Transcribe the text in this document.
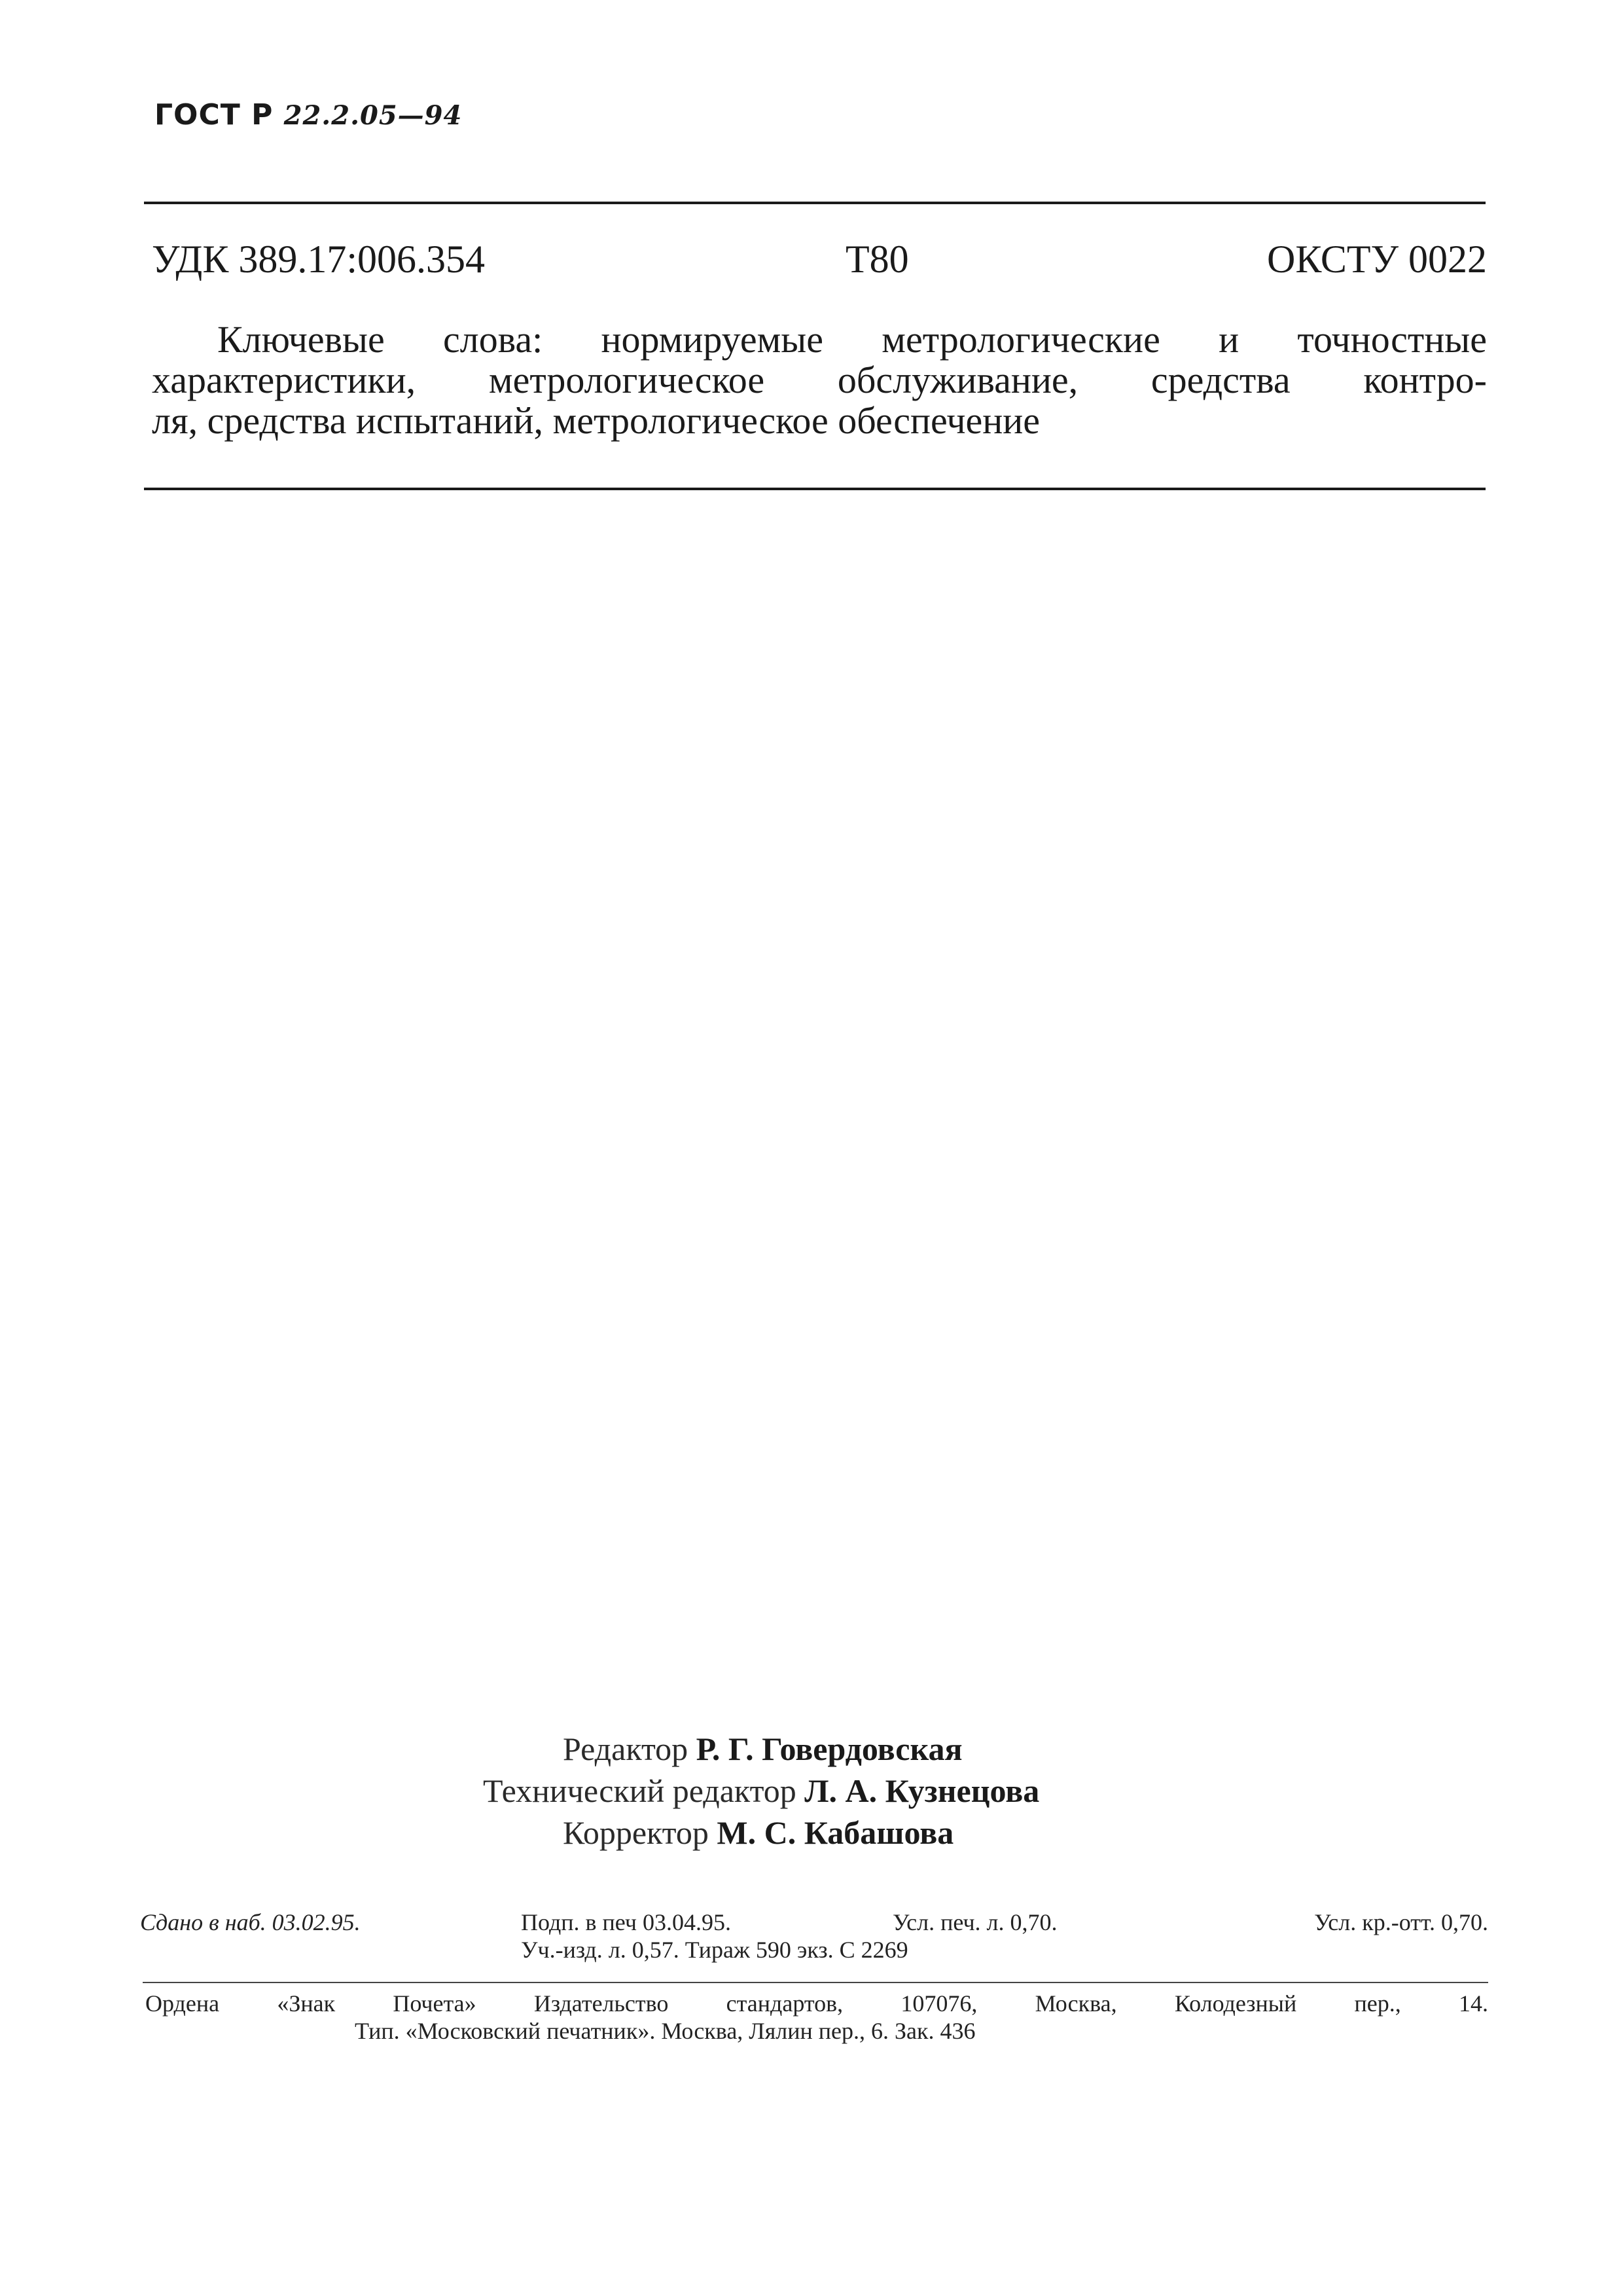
ГОСТ Р 22.2.05—94
УДК 389.17:006.354	Т80	ОКСТУ 0022
Ключевые слова: нормируемые метрологические и точностные
характеристики, метрологическое обслуживание, средства контро-
ля, средства испытаний, метрологическое обеспечение
Редактор Р. Г. Говердовская
Технический редактор Л. А. Кузнецова
Корректор М. С. Кабашова
Сдано в наб. 03.02.95.	Подп. в печ 03.04.95.	Усл. печ. л. 0,70.	Усл. кр.-отт. 0,70.
Уч.-изд. л. 0,57. Тираж 590 экз. С 2269
Ордена «Знак Почета» Издательство стандартов, 107076, Москва, Колодезный пер., 14.
Тип. «Московский печатник». Москва, Лялин пер., 6. Зак. 436
